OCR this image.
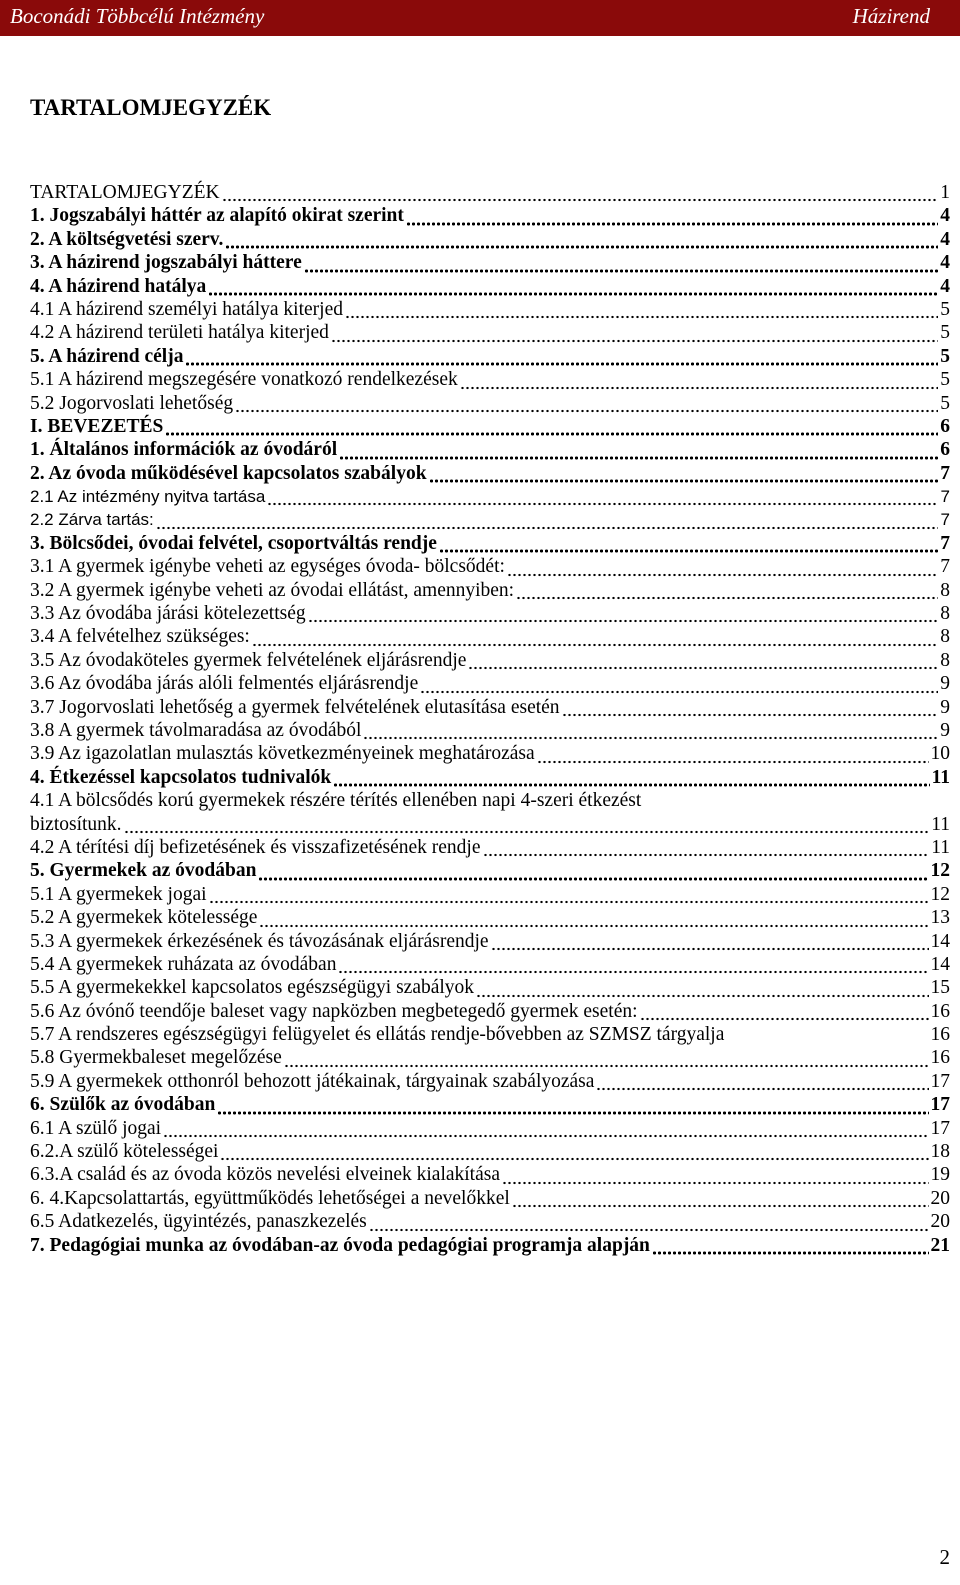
Boconádi Többcélú Intézmény	Házirend
TARTALOMJEGYZÉK
TARTALOMJEGYZÉK	1
1. Jogszabályi háttér az alapító okirat szerint	4
2. A költségvetési szerv.	4
3. A házirend jogszabályi háttere	4
4. A házirend hatálya	4
4.1 A házirend személyi hatálya kiterjed	5
4.2 A házirend területi hatálya kiterjed	5
5. A házirend célja	5
5.1 A házirend megszegésére vonatkozó rendelkezések	5
5.2 Jogorvoslati lehetőség	5
I. BEVEZETÉS	6
1. Általános információk az óvodáról	6
2. Az óvoda működésével kapcsolatos szabályok	7
2.1 Az intézmény nyitva tartása	7
2.2 Zárva tartás:	7
3. Bölcsődei, óvodai felvétel, csoportváltás rendje	7
3.1 A gyermek igénybe veheti az egységes óvoda- bölcsődét:	7
3.2 A gyermek igénybe veheti az óvodai ellátást, amennyiben:	8
3.3 Az óvodába járási kötelezettség	8
3.4 A felvételhez szükséges:	8
3.5 Az óvodaköteles gyermek felvételének eljárásrendje	8
3.6 Az óvodába járás alóli felmentés eljárásrendje	9
3.7 Jogorvoslati lehetőség a gyermek felvételének elutasítása esetén	9
3.8 A gyermek távolmaradása az óvodából	9
3.9 Az igazolatlan mulasztás következményeinek meghatározása	10
4. Étkezéssel kapcsolatos tudnivalók	11
4.1 A bölcsődés korú gyermekek részére térítés ellenében napi 4-szeri étkezést
biztosítunk.	11
4.2 A térítési díj befizetésének és visszafizetésének rendje	11
5. Gyermekek az óvodában	12
5.1 A gyermekek jogai	12
5.2 A gyermekek kötelessége	13
5.3 A gyermekek érkezésének és távozásának eljárásrendje	14
5.4 A gyermekek ruházata az óvodában	14
5.5 A gyermekekkel kapcsolatos egészségügyi szabályok	15
5.6 Az óvónő teendője baleset vagy napközben megbetegedő gyermek esetén:	16
5.7 A rendszeres egészségügyi felügyelet és ellátás rendje-bővebben az SZMSZ tárgyalja	16
5.8 Gyermekbaleset megelőzése	16
5.9 A gyermekek otthonról behozott játékainak, tárgyainak szabályozása	17
6. Szülők az óvodában	17
6.1 A szülő jogai	17
6.2.A szülő kötelességei	18
6.3.A család és az óvoda közös nevelési elveinek kialakítása	19
6. 4.Kapcsolattartás, együttműködés lehetőségei a nevelőkkel	20
6.5 Adatkezelés, ügyintézés, panaszkezelés	20
7. Pedagógiai munka az óvodában-az óvoda pedagógiai programja alapján	21
2
